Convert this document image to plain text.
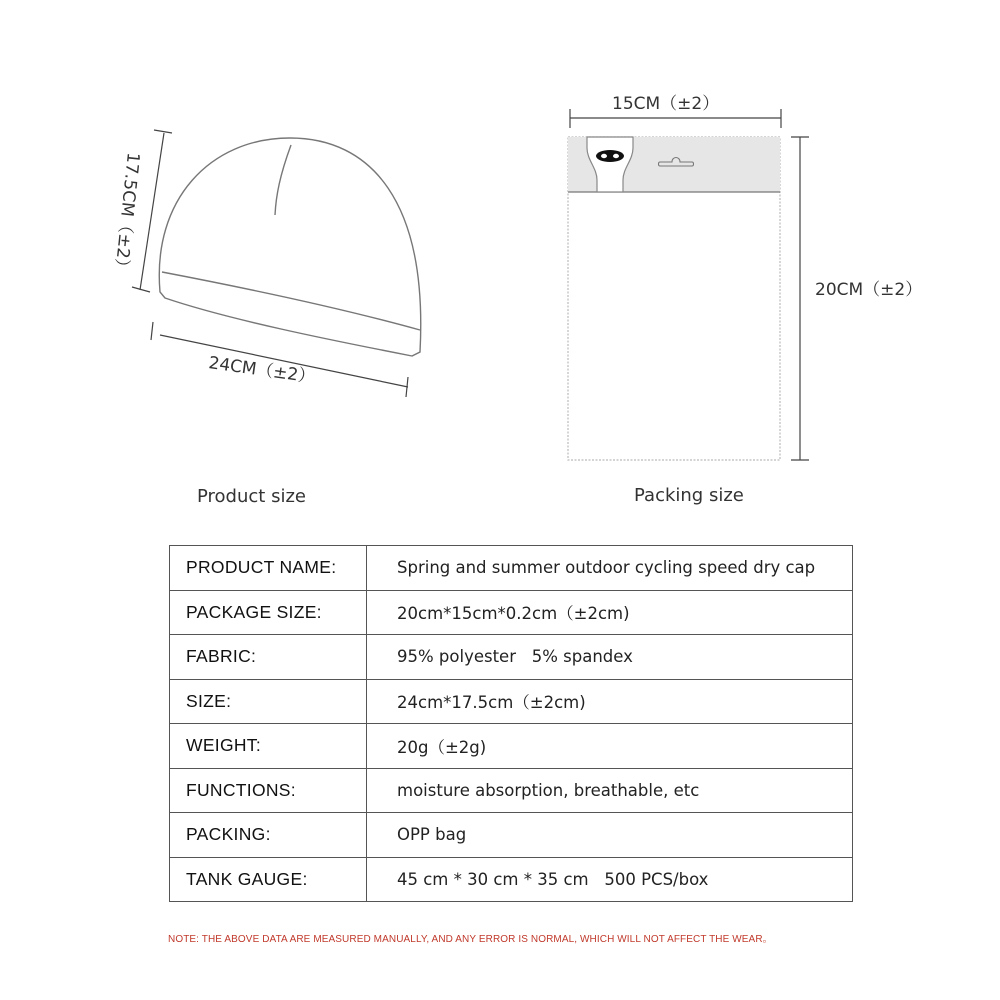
17.5CM（±2）
24CM（±2）
15CM（±2）
20CM（±2）
Product size	Packing size
PRODUCT NAME:	Spring and summer outdoor cycling speed dry cap
PACKAGE SIZE:	20cm*15cm*0.2cm（±2cm)
FABRIC:	95% polyester   5% spandex
SIZE:	24cm*17.5cm（±2cm)
WEIGHT:	20g（±2g)
FUNCTIONS:	moisture absorption, breathable, etc
PACKING:	OPP bag
TANK GAUGE:	45 cm * 30 cm * 35 cm   500 PCS/box
NOTE: THE ABOVE DATA ARE MEASURED MANUALLY, AND ANY ERROR IS NORMAL, WHICH WILL NOT AFFECT THE WEAR。
